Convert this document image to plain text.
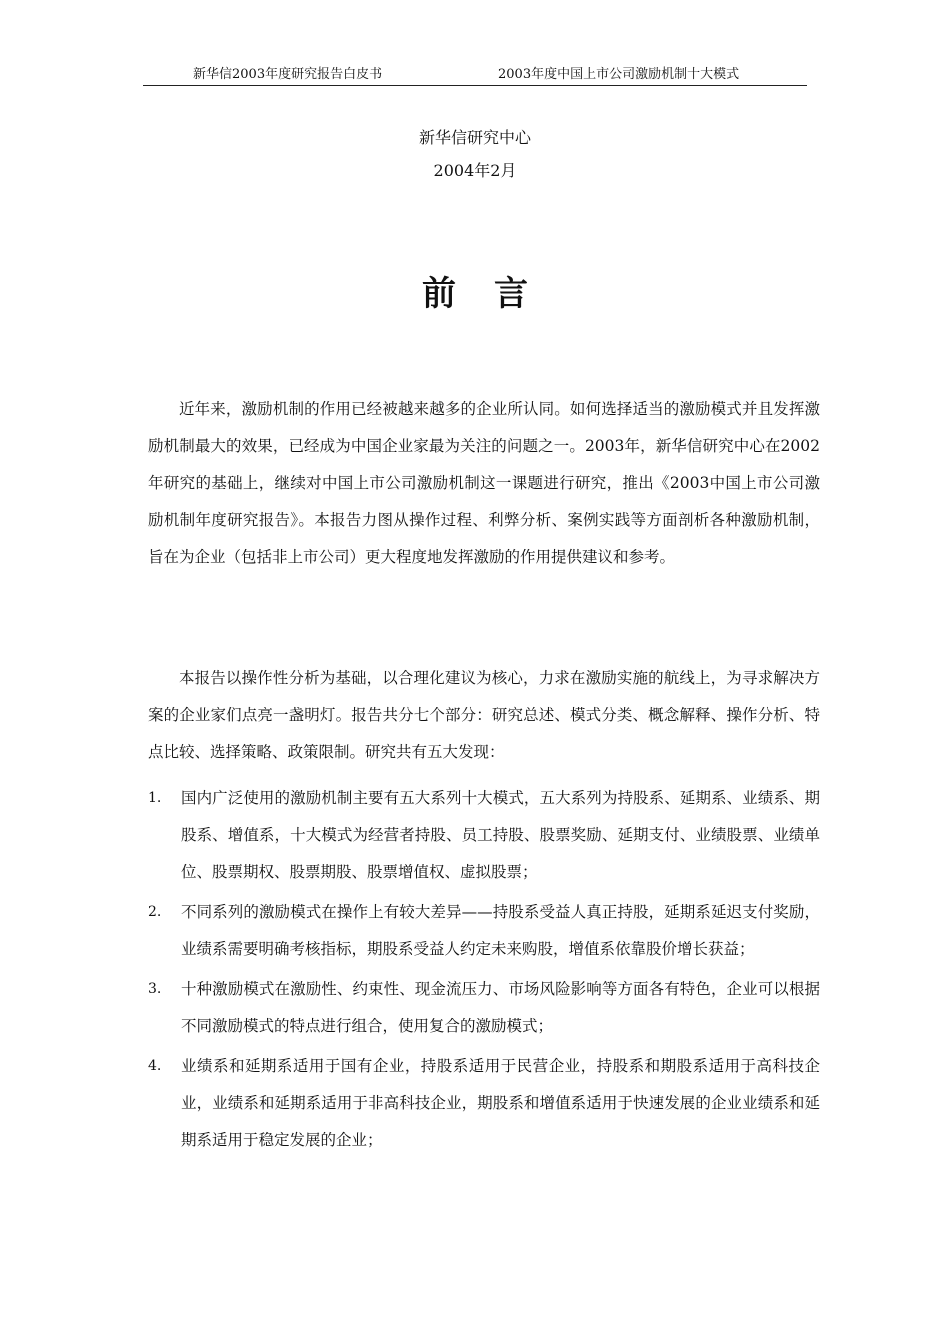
新华信2003年度研究报告白皮书	2003年度中国上市公司激励机制十大模式
新华信研究中心
2004年2月
前言
近年来，激励机制的作用已经被越来越多的企业所认同。如何选择适当的激励模式并且发挥激励机制最大的效果，已经成为中国企业家最为关注的问题之一。2003年，新华信研究中心在2002年研究的基础上，继续对中国上市公司激励机制这一课题进行研究，推出《2003中国上市公司激励机制年度研究报告》。本报告力图从操作过程、利弊分析、案例实践等方面剖析各种激励机制，旨在为企业（包括非上市公司）更大程度地发挥激励的作用提供建议和参考。
本报告以操作性分析为基础，以合理化建议为核心，力求在激励实施的航线上，为寻求解决方案的企业家们点亮一盏明灯。报告共分七个部分：研究总述、模式分类、概念解释、操作分析、特点比较、选择策略、政策限制。研究共有五大发现：
1. 国内广泛使用的激励机制主要有五大系列十大模式，五大系列为持股系、延期系、业绩系、期股系、增值系，十大模式为经营者持股、员工持股、股票奖励、延期支付、业绩股票、业绩单位、股票期权、股票期股、股票增值权、虚拟股票；
2. 不同系列的激励模式在操作上有较大差异——持股系受益人真正持股，延期系延迟支付奖励，业绩系需要明确考核指标，期股系受益人约定未来购股，增值系依靠股价增长获益；
3. 十种激励模式在激励性、约束性、现金流压力、市场风险影响等方面各有特色，企业可以根据不同激励模式的特点进行组合，使用复合的激励模式；
4. 业绩系和延期系适用于国有企业，持股系适用于民营企业，持股系和期股系适用于高科技企业，业绩系和延期系适用于非高科技企业，期股系和增值系适用于快速发展的企业业绩系和延期系适用于稳定发展的企业；
